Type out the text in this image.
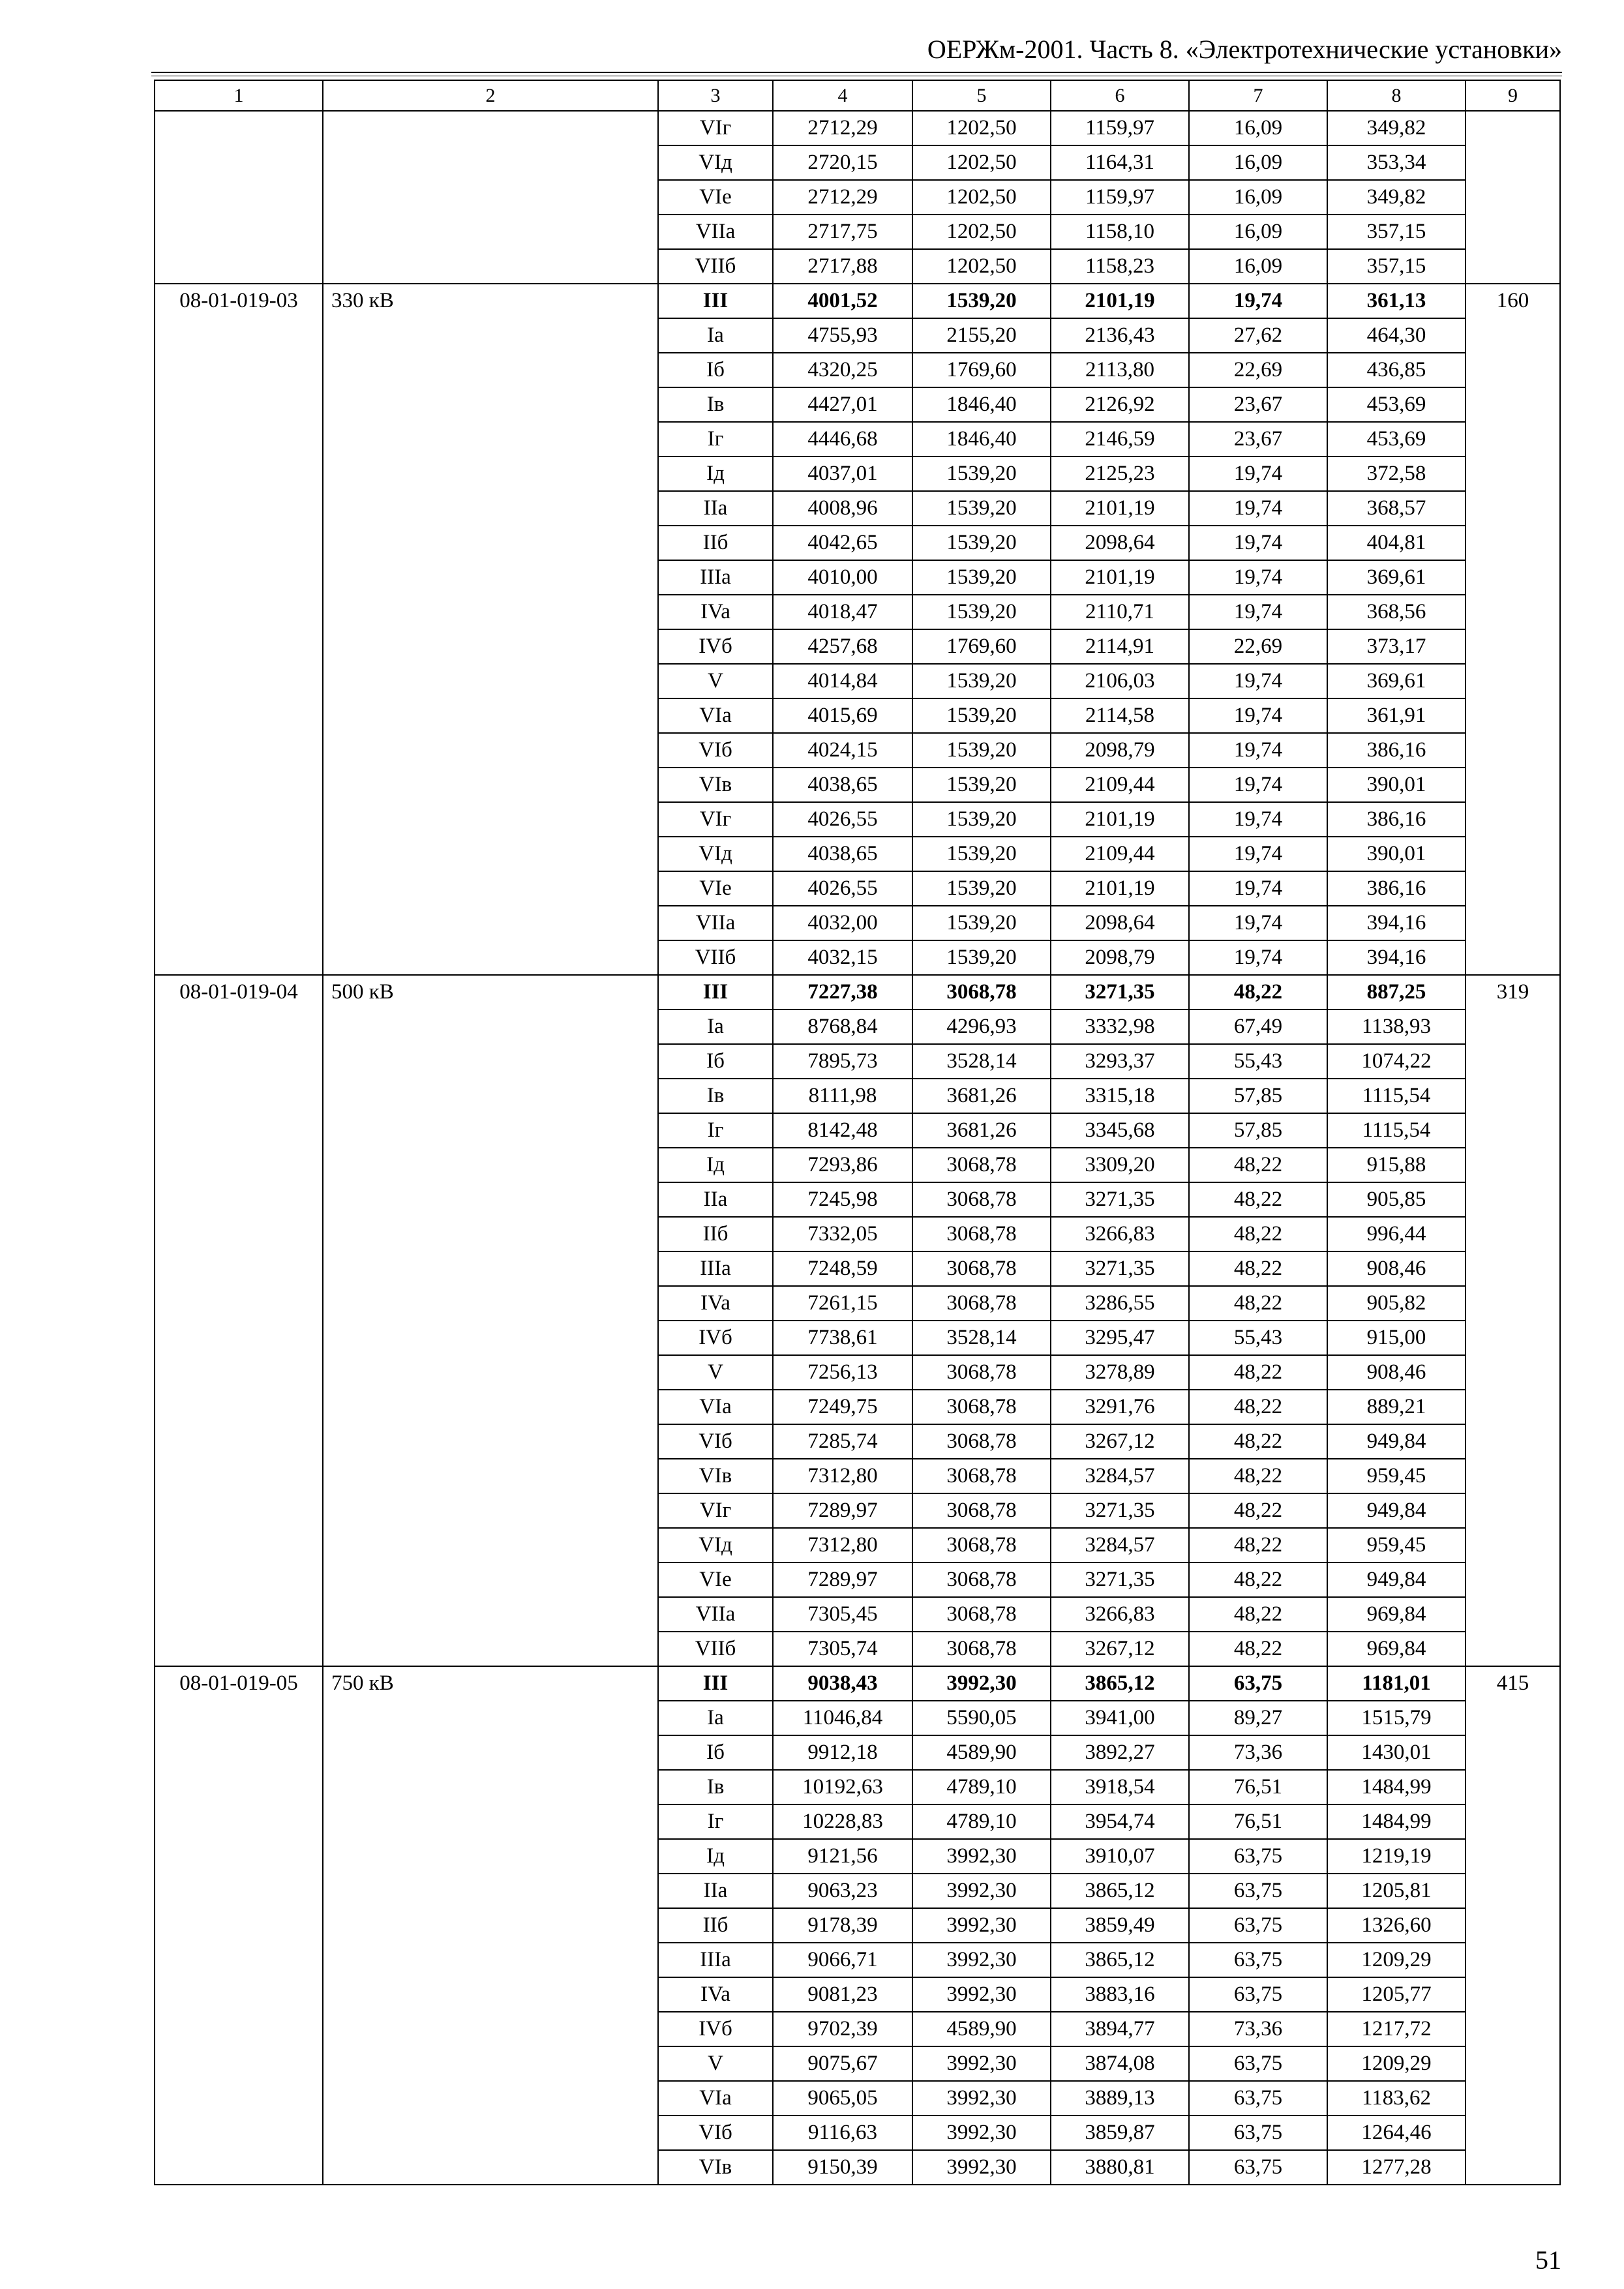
ОЕРЖм-2001. Часть 8. «Электротехнические установки»
1	2	3	4	5	6	7	8	9
		VIг	2712,29	1202,50	1159,97	16,09	349,82	
		VIд	2720,15	1202,50	1164,31	16,09	353,34	
		VIe	2712,29	1202,50	1159,97	16,09	349,82	
		VIIa	2717,75	1202,50	1158,10	16,09	357,15	
		VIIб	2717,88	1202,50	1158,23	16,09	357,15	
08-01-019-03	330 кВ	III	4001,52	1539,20	2101,19	19,74	361,13	160
		Ia	4755,93	2155,20	2136,43	27,62	464,30	
		Iб	4320,25	1769,60	2113,80	22,69	436,85	
		Iв	4427,01	1846,40	2126,92	23,67	453,69	
		Iг	4446,68	1846,40	2146,59	23,67	453,69	
		Iд	4037,01	1539,20	2125,23	19,74	372,58	
		IIa	4008,96	1539,20	2101,19	19,74	368,57	
		IIб	4042,65	1539,20	2098,64	19,74	404,81	
		IIIa	4010,00	1539,20	2101,19	19,74	369,61	
		IVa	4018,47	1539,20	2110,71	19,74	368,56	
		IVб	4257,68	1769,60	2114,91	22,69	373,17	
		V	4014,84	1539,20	2106,03	19,74	369,61	
		VIa	4015,69	1539,20	2114,58	19,74	361,91	
		VIб	4024,15	1539,20	2098,79	19,74	386,16	
		VIв	4038,65	1539,20	2109,44	19,74	390,01	
		VIг	4026,55	1539,20	2101,19	19,74	386,16	
		VIд	4038,65	1539,20	2109,44	19,74	390,01	
		VIe	4026,55	1539,20	2101,19	19,74	386,16	
		VIIa	4032,00	1539,20	2098,64	19,74	394,16	
		VIIб	4032,15	1539,20	2098,79	19,74	394,16	
08-01-019-04	500 кВ	III	7227,38	3068,78	3271,35	48,22	887,25	319
		Ia	8768,84	4296,93	3332,98	67,49	1138,93	
		Iб	7895,73	3528,14	3293,37	55,43	1074,22	
		Iв	8111,98	3681,26	3315,18	57,85	1115,54	
		Iг	8142,48	3681,26	3345,68	57,85	1115,54	
		Iд	7293,86	3068,78	3309,20	48,22	915,88	
		IIa	7245,98	3068,78	3271,35	48,22	905,85	
		IIб	7332,05	3068,78	3266,83	48,22	996,44	
		IIIa	7248,59	3068,78	3271,35	48,22	908,46	
		IVa	7261,15	3068,78	3286,55	48,22	905,82	
		IVб	7738,61	3528,14	3295,47	55,43	915,00	
		V	7256,13	3068,78	3278,89	48,22	908,46	
		VIa	7249,75	3068,78	3291,76	48,22	889,21	
		VIб	7285,74	3068,78	3267,12	48,22	949,84	
		VIв	7312,80	3068,78	3284,57	48,22	959,45	
		VIг	7289,97	3068,78	3271,35	48,22	949,84	
		VIд	7312,80	3068,78	3284,57	48,22	959,45	
		VIe	7289,97	3068,78	3271,35	48,22	949,84	
		VIIa	7305,45	3068,78	3266,83	48,22	969,84	
		VIIб	7305,74	3068,78	3267,12	48,22	969,84	
08-01-019-05	750 кВ	III	9038,43	3992,30	3865,12	63,75	1181,01	415
		Ia	11046,84	5590,05	3941,00	89,27	1515,79	
		Iб	9912,18	4589,90	3892,27	73,36	1430,01	
		Iв	10192,63	4789,10	3918,54	76,51	1484,99	
		Iг	10228,83	4789,10	3954,74	76,51	1484,99	
		Iд	9121,56	3992,30	3910,07	63,75	1219,19	
		IIa	9063,23	3992,30	3865,12	63,75	1205,81	
		IIб	9178,39	3992,30	3859,49	63,75	1326,60	
		IIIa	9066,71	3992,30	3865,12	63,75	1209,29	
		IVa	9081,23	3992,30	3883,16	63,75	1205,77	
		IVб	9702,39	4589,90	3894,77	73,36	1217,72	
		V	9075,67	3992,30	3874,08	63,75	1209,29	
		VIa	9065,05	3992,30	3889,13	63,75	1183,62	
		VIб	9116,63	3992,30	3859,87	63,75	1264,46	
		VIв	9150,39	3992,30	3880,81	63,75	1277,28	
51
